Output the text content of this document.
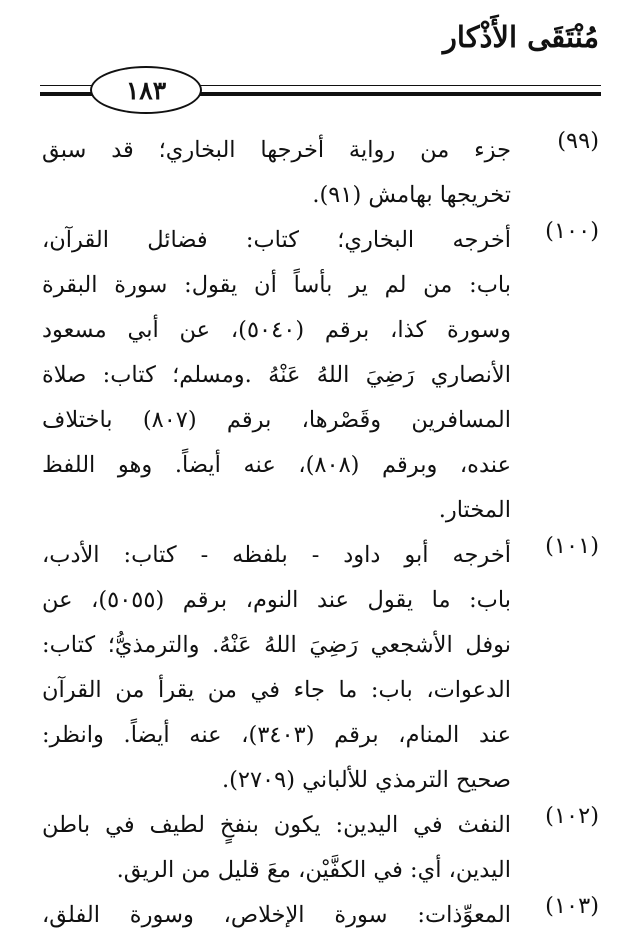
مُنْتَقَى الأَذْكار
١٨٣
(٩٩)
جزء من رواية أخرجها البخاري؛ قد سبق
تخريجها بهامش (٩١).
(١٠٠)
أخرجه البخاري؛ كتاب: فضائل القرآن،
باب: من لم ير بأساً أن يقول: سورة البقرة
وسورة كذا، برقم (٥٠٤٠)، عن أبي مسعود
الأنصاري رَضِيَ اللهُ عَنْهُ .ومسلم؛ كتاب: صلاة
المسافرين وقَصْرها، برقم (٨٠٧) باختلاف
عنده، وبرقم (٨٠٨)، عنه أيضاً. وهو اللفظ
المختار.
(١٠١)
أخرجه أبو داود - بلفظه - كتاب: الأدب،
باب: ما يقول عند النوم، برقم (٥٠٥٥)، عن
نوفل الأشجعي رَضِيَ اللهُ عَنْهُ. والترمذيُّ؛ كتاب:
الدعوات، باب: ما جاء في من يقرأ من القرآن
عند المنام، برقم (٣٤٠٣)، عنه أيضاً. وانظر:
صحيح الترمذي للألباني (٢٧٠٩).
(١٠٢)
النفث في اليدين: يكون بنفخٍ لطيف في باطن
اليدين، أي: في الكفَّيْن، معَ قليل من الريق.
(١٠٣)
المعوِّذات: سورة الإخلاص، وسورة الفلق،
